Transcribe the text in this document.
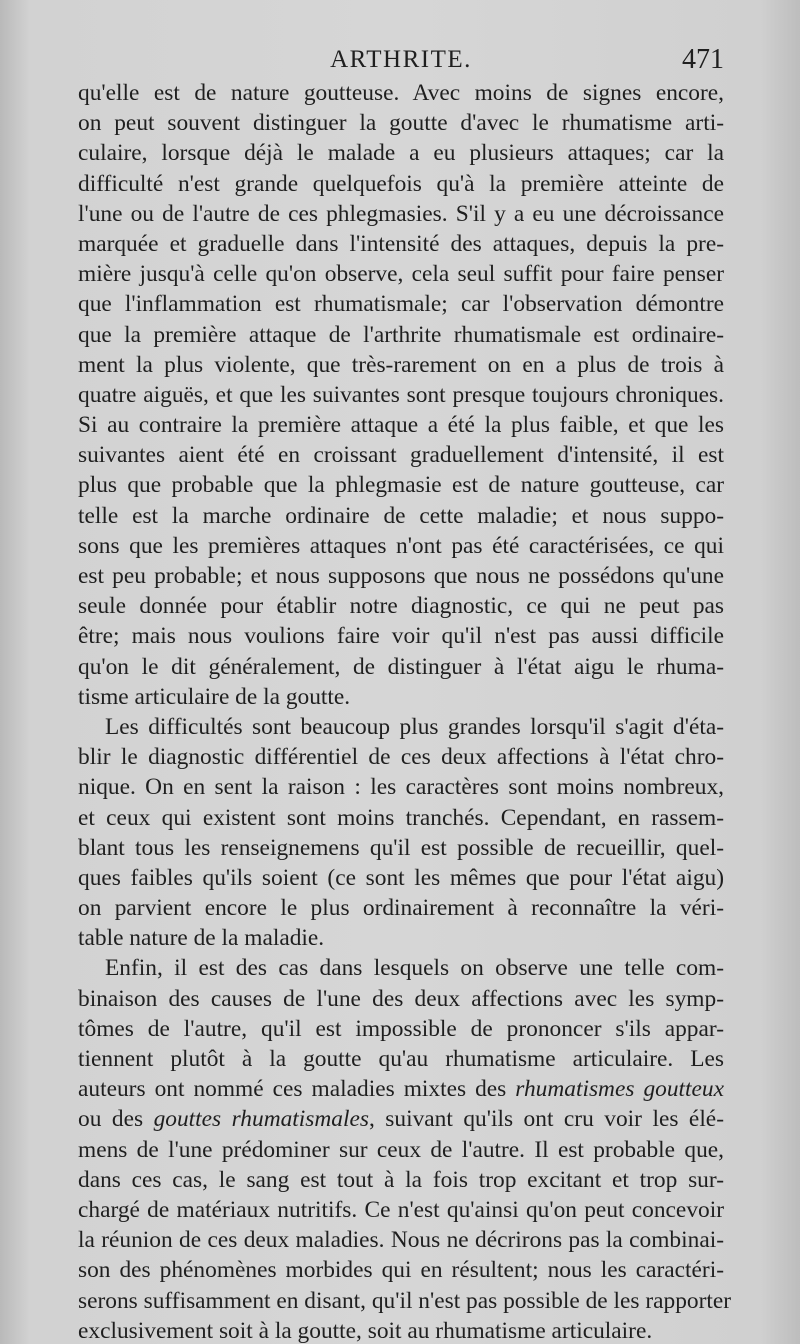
ARTHRITE.	471
qu'elle est de nature goutteuse. Avec moins de signes encore,
on peut souvent distinguer la goutte d'avec le rhumatisme arti-
culaire, lorsque déjà le malade a eu plusieurs attaques; car la
difficulté n'est grande quelquefois qu'à la première atteinte de
l'une ou de l'autre de ces phlegmasies. S'il y a eu une décroissance
marquée et graduelle dans l'intensité des attaques, depuis la pre-
mière jusqu'à celle qu'on observe, cela seul suffit pour faire penser
que l'inflammation est rhumatismale; car l'observation démontre
que la première attaque de l'arthrite rhumatismale est ordinaire-
ment la plus violente, que très-rarement on en a plus de trois à
quatre aiguës, et que les suivantes sont presque toujours chroniques.
Si au contraire la première attaque a été la plus faible, et que les
suivantes aient été en croissant graduellement d'intensité, il est
plus que probable que la phlegmasie est de nature goutteuse, car
telle est la marche ordinaire de cette maladie; et nous suppo-
sons que les premières attaques n'ont pas été caractérisées, ce qui
est peu probable; et nous supposons que nous ne possédons qu'une
seule donnée pour établir notre diagnostic, ce qui ne peut pas
être; mais nous voulions faire voir qu'il n'est pas aussi difficile
qu'on le dit généralement, de distinguer à l'état aigu le rhuma-
tisme articulaire de la goutte.
Les difficultés sont beaucoup plus grandes lorsqu'il s'agit d'éta-
blir le diagnostic différentiel de ces deux affections à l'état chro-
nique. On en sent la raison : les caractères sont moins nombreux,
et ceux qui existent sont moins tranchés. Cependant, en rassem-
blant tous les renseignemens qu'il est possible de recueillir, quel-
ques faibles qu'ils soient (ce sont les mêmes que pour l'état aigu)
on parvient encore le plus ordinairement à reconnaître la véri-
table nature de la maladie.
Enfin, il est des cas dans lesquels on observe une telle com-
binaison des causes de l'une des deux affections avec les symp-
tômes de l'autre, qu'il est impossible de prononcer s'ils appar-
tiennent plutôt à la goutte qu'au rhumatisme articulaire. Les
auteurs ont nommé ces maladies mixtes des rhumatismes goutteux
ou des gouttes rhumatismales, suivant qu'ils ont cru voir les élé-
mens de l'une prédominer sur ceux de l'autre. Il est probable que,
dans ces cas, le sang est tout à la fois trop excitant et trop sur-
chargé de matériaux nutritifs. Ce n'est qu'ainsi qu'on peut concevoir
la réunion de ces deux maladies. Nous ne décrirons pas la combinai-
son des phénomènes morbides qui en résultent; nous les caractéri-
serons suffisamment en disant, qu'il n'est pas possible de les rapporter
exclusivement soit à la goutte, soit au rhumatisme articulaire.
